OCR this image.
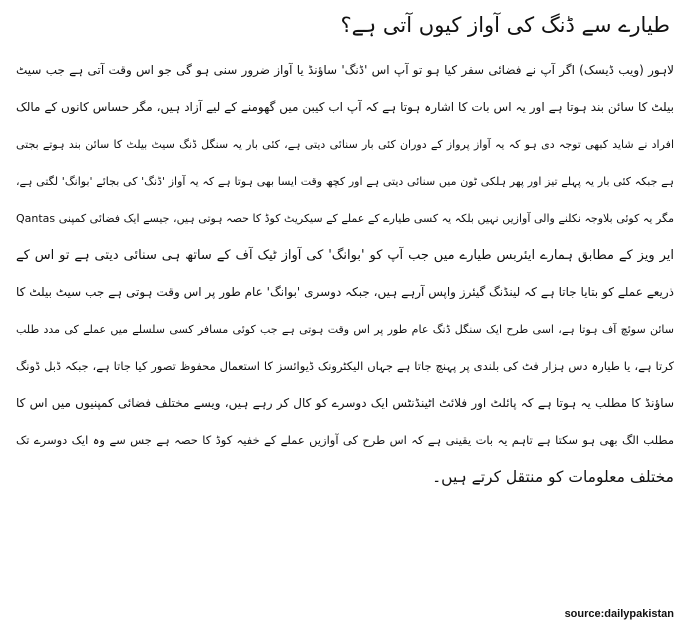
طیارے سے ڈنگ کی آواز کیوں آتی ہے؟
لاہور (ویب ڈیسک) اگر آپ نے فضائی سفر کیا ہو تو آپ اس 'ڈنگ' ساؤنڈ یا آواز ضرور سنی ہو گی جو اس وقت آتی ہے جب سیٹ
بیلٹ کا سائن بند ہوتا ہے اور یہ اس بات کا اشارہ ہوتا ہے کہ آپ اب کیبن میں گھومنے کے لیے آزاد ہیں، مگر حساس کانوں کے مالک
افراد نے شاید کبھی توجہ دی ہو کہ یہ آواز پرواز کے دوران کئی بار سنائی دیتی ہے، کئی بار یہ سنگل ڈنگ سیٹ بیلٹ کا سائن بند ہوتے بجتی
ہے جبکہ کئی بار یہ پہلے تیز اور پھر ہلکی ٹون میں سنائی دیتی ہے اور کچھ وقت ایسا بھی ہوتا ہے کہ یہ آواز 'ڈنگ' کی بجائے 'بوانگ' لگتی ہے،
مگر یہ کوئی بلاوجہ نکلنے والی آوازیں نہیں بلکہ یہ کسی طیارے کے عملے کے سیکریٹ کوڈ کا حصہ ہوتی ہیں، جیسے ایک فضائی کمپنی Qantas
ایر ویز کے مطابق ہمارے ایئربس طیارے میں جب آپ کو 'بوانگ' کی آواز ٹیک آف کے ساتھ ہی سنائی دیتی ہے تو اس کے
ذریعے عملے کو بتایا جاتا ہے کہ لینڈنگ گیئرز واپس آرہے ہیں، جبکہ دوسری 'بوانگ' عام طور پر اس وقت ہوتی ہے جب سیٹ بیلٹ کا
سائن سوئچ آف ہوتا ہے، اسی طرح ایک سنگل ڈنگ عام طور پر اس وقت ہوتی ہے جب کوئی مسافر کسی سلسلے میں عملے کی مدد طلب
کرتا ہے، یا طیارہ دس ہزار فٹ کی بلندی پر پہنچ جاتا ہے جہاں الیکٹرونک ڈیوائسز کا استعمال محفوظ تصور کیا جاتا ہے، جبکہ ڈبل ڈونگ
ساؤنڈ کا مطلب یہ ہوتا ہے کہ پائلٹ اور فلائٹ اٹینڈنٹس ایک دوسرے کو کال کر رہے ہیں، ویسے مختلف فضائی کمپنیوں میں اس کا
مطلب الگ بھی ہو سکتا ہے تاہم یہ بات یقینی ہے کہ اس طرح کی آوازیں عملے کے خفیہ کوڈ کا حصہ ہے جس سے وہ ایک دوسرے تک
مختلف معلومات کو منتقل کرتے ہیں۔
source:dailypakistan
